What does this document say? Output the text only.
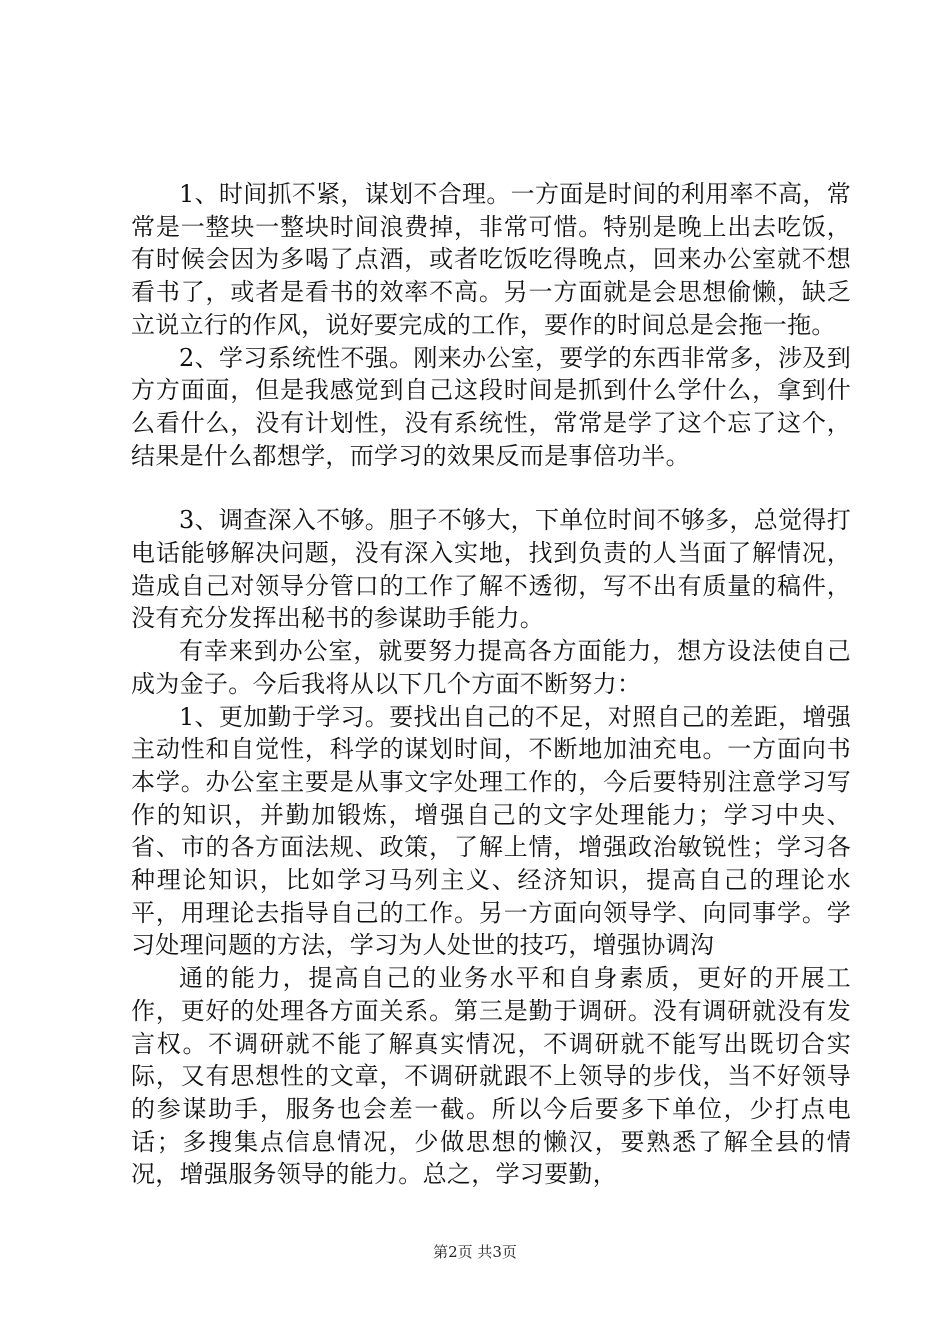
1、时间抓不紧，谋划不合理。一方面是时间的利用率不高，常常是一整块一整块时间浪费掉，非常可惜。特别是晚上出去吃饭，有时候会因为多喝了点酒，或者吃饭吃得晚点，回来办公室就不想看书了，或者是看书的效率不高。另一方面就是会思想偷懒，缺乏立说立行的作风，说好要完成的工作，要作的时间总是会拖一拖。

2、学习系统性不强。刚来办公室，要学的东西非常多，涉及到方方面面，但是我感觉到自己这段时间是抓到什么学什么，拿到什么看什么，没有计划性，没有系统性，常常是学了这个忘了这个，结果是什么都想学，而学习的效果反而是事倍功半。

3、调查深入不够。胆子不够大，下单位时间不够多，总觉得打电话能够解决问题，没有深入实地，找到负责的人当面了解情况，造成自己对领导分管口的工作了解不透彻，写不出有质量的稿件，没有充分发挥出秘书的参谋助手能力。

有幸来到办公室，就要努力提高各方面能力，想方设法使自己成为金子。今后我将从以下几个方面不断努力：

1、更加勤于学习。要找出自己的不足，对照自己的差距，增强主动性和自觉性，科学的谋划时间，不断地加油充电。一方面向书本学。办公室主要是从事文字处理工作的，今后要特别注意学习写作的知识，并勤加锻炼，增强自己的文字处理能力；学习中央、省、市的各方面法规、政策，了解上情，增强政治敏锐性；学习各种理论知识，比如学习马列主义、经济知识，提高自己的理论水平，用理论去指导自己的工作。另一方面向领导学、向同事学。学习处理问题的方法，学习为人处世的技巧，增强协调沟

通的能力，提高自己的业务水平和自身素质，更好的开展工作，更好的处理各方面关系。第三是勤于调研。没有调研就没有发言权。不调研就不能了解真实情况，不调研就不能写出既切合实际，又有思想性的文章，不调研就跟不上领导的步伐，当不好领导的参谋助手，服务也会差一截。所以今后要多下单位，少打点电话；多搜集点信息情况，少做思想的懒汉，要熟悉了解全县的情况，增强服务领导的能力。总之，学习要勤，

第2页 共3页
